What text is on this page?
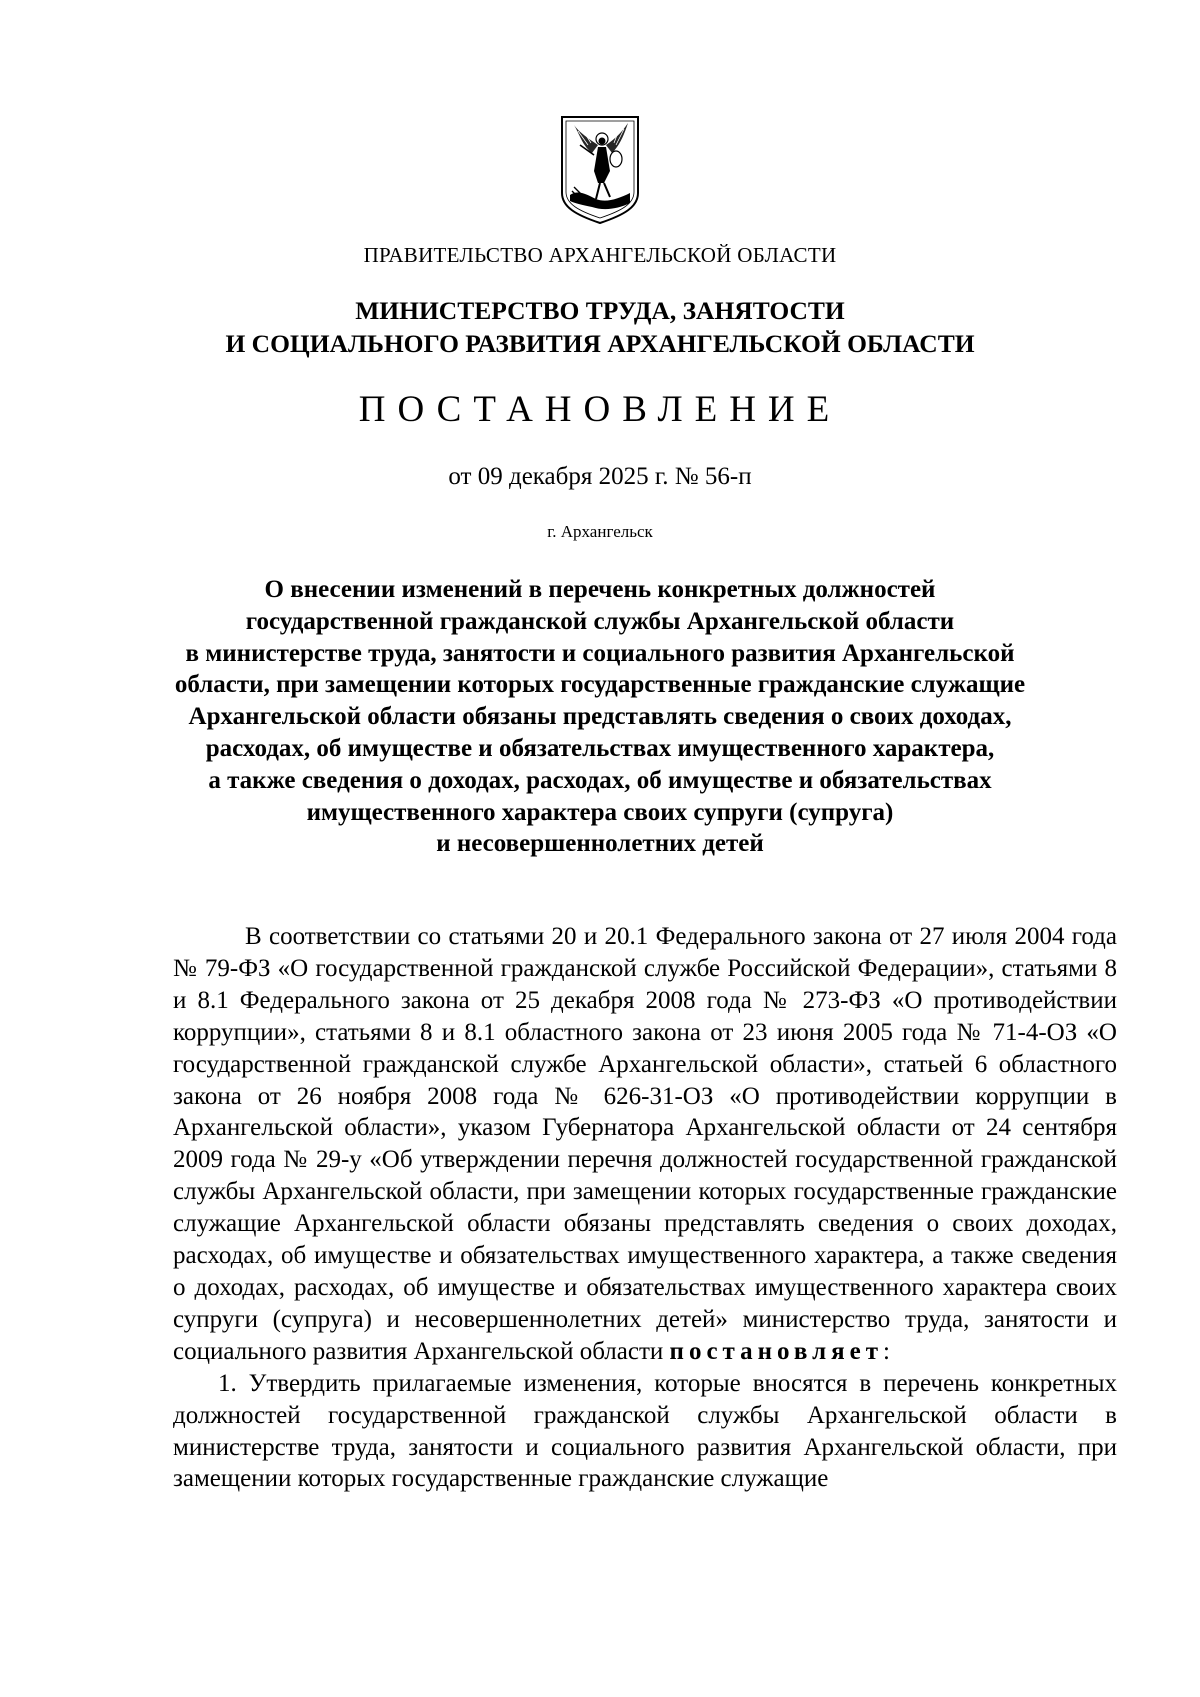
ПРАВИТЕЛЬСТВО АРХАНГЕЛЬСКОЙ ОБЛАСТИ
МИНИСТЕРСТВО ТРУДА, ЗАНЯТОСТИ
И СОЦИАЛЬНОГО РАЗВИТИЯ АРХАНГЕЛЬСКОЙ ОБЛАСТИ
ПОСТАНОВЛЕНИЕ
от 09 декабря 2025 г. № 56-п
г. Архангельск
О внесении изменений в перечень конкретных должностей
государственной гражданской службы Архангельской области
в министерстве труда, занятости и социального развития Архангельской
области, при замещении которых государственные гражданские служащие
Архангельской области обязаны представлять сведения о своих доходах,
расходах, об имуществе и обязательствах имущественного характера,
а также сведения о доходах, расходах, об имуществе и обязательствах
имущественного характера своих супруги (супруга)
и несовершеннолетних детей

В соответствии со статьями 20 и 20.1 Федерального закона от 27 июля 2004 года № 79-ФЗ «О государственной гражданской службе Российской Федерации», статьями 8 и 8.1 Федерального закона от 25 декабря 2008 года № 273-ФЗ «О противодействии коррупции», статьями 8 и 8.1 областного закона от 23 июня 2005 года № 71-4-ОЗ «О государственной гражданской службе Архангельской области», статьей 6 областного закона от 26 ноября 2008 года № 626-31-ОЗ «О противодействии коррупции в Архангельской области», указом Губернатора Архангельской области от 24 сентября 2009 года № 29-у «Об утверждении перечня должностей государственной гражданской службы Архангельской области, при замещении которых государственные гражданские служащие Архангельской области обязаны представлять сведения о своих доходах, расходах, об имуществе и обязательствах имущественного характера, а также сведения о доходах, расходах, об имуществе и обязательствах имущественного характера своих супруги (супруга) и несовершеннолетних детей» министерство труда, занятости и социального развития Архангельской области постановляет:

1. Утвердить прилагаемые изменения, которые вносятся в перечень конкретных должностей государственной гражданской службы Архангельской области в министерстве труда, занятости и социального развития Архангельской области, при замещении которых государственные гражданские служащие
